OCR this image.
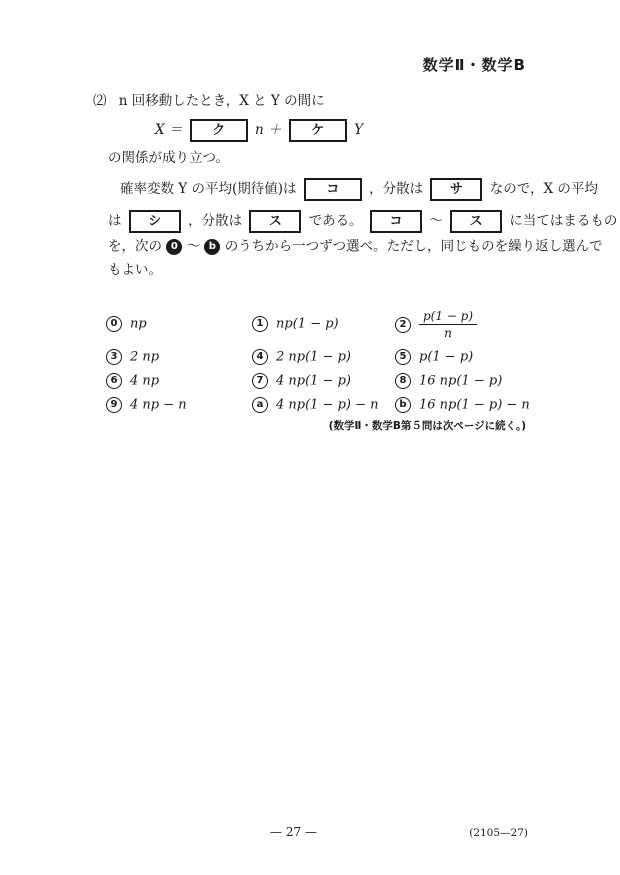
数学Ⅱ・数学B
⑵ n 回移動したとき，X と Y の間に
X ＝ ク n ＋ ケ Y
の関係が成り立つ。
確率変数 Y の平均(期待値)は コ ，分散は サ なので，X の平均
は シ ，分散は ス である。 コ ～ ス に当てはまるもの
を，次の 0 ～ b のうちから一つずつ選べ。ただし，同じものを繰り返し選んで
もよい。
0 np	1 np(1 − p)	$2 \frac{p(1 - p)}{n}$
3 2 np	4 2 np(1 − p)	5 p(1 − p)
6 4 np	7 4 np(1 − p)	8 16 np(1 − p)
9 4 np − n	a 4 np(1 − p) − n	b 16 np(1 − p) − n
(数学Ⅱ・数学B第５問は次ページに続く。)
— 27 —	(2105—27)
